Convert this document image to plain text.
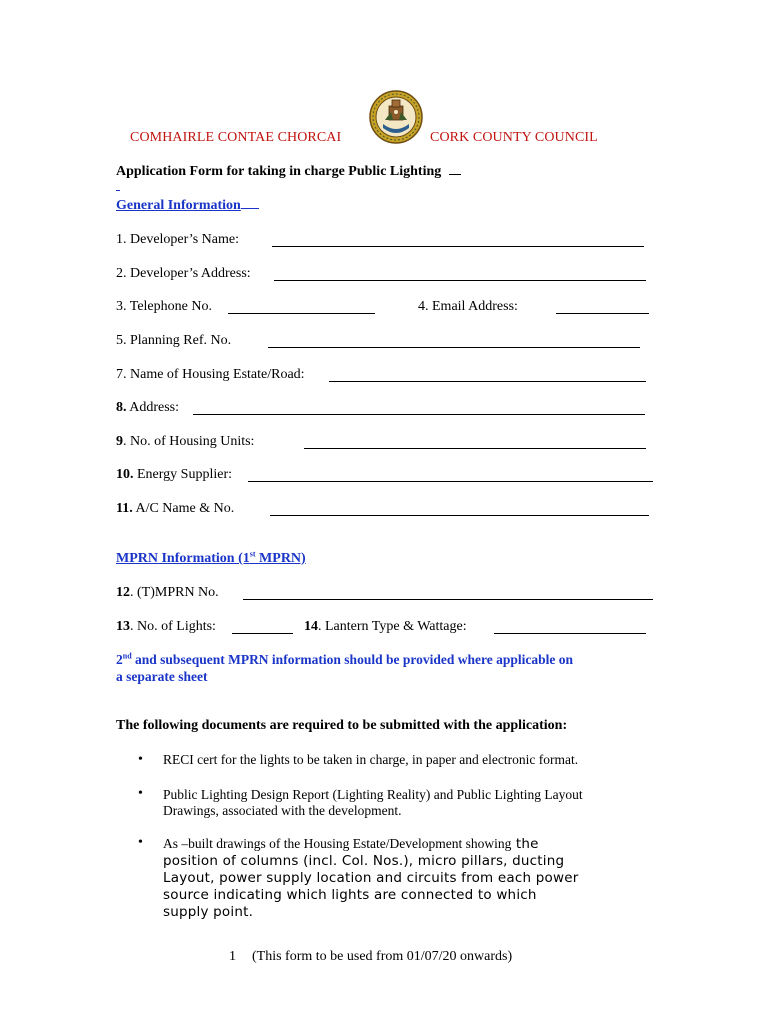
COMHAIRLE CONTAE CHORCAI	CORK COUNTY COUNCIL
Application Form for taking in charge Public Lighting
General Information
1. Developer’s Name:
2. Developer’s Address:
3. Telephone No.	4. Email Address:
5. Planning Ref. No.
7. Name of Housing Estate/Road:
8. Address:
9. No. of Housing Units:
10. Energy Supplier:
11. A/C Name & No.
MPRN Information (1st MPRN)
12. (T)MPRN No.
13. No. of Lights:	14. Lantern Type & Wattage:
2nd and subsequent MPRN information should be provided where applicable on
a separate sheet
The following documents are required to be submitted with the application:
• RECI cert for the lights to be taken in charge, in paper and electronic format.
• Public Lighting Design Report (Lighting Reality) and Public Lighting Layout
Drawings, associated with the development.
• As –built drawings of the Housing Estate/Development showing the
position of columns (incl. Col. Nos.), micro pillars, ducting
Layout, power supply location and circuits from each power
source indicating which lights are connected to which
supply point.
1 (This form to be used from 01/07/20 onwards)
